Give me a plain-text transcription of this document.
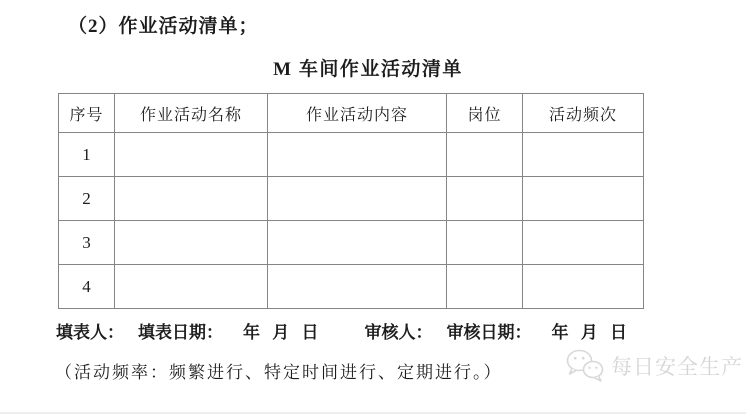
（2）作业活动清单；
M 车间作业活动清单
序号	作业活动名称	作业活动内容	岗位	活动频次
1				
2				
3				
4				
填表人： 填表日期： 年 月 日	审核人： 审核日期： 年 月 日
（活动频率：频繁进行、特定时间进行、定期进行。）	每日安全生产
